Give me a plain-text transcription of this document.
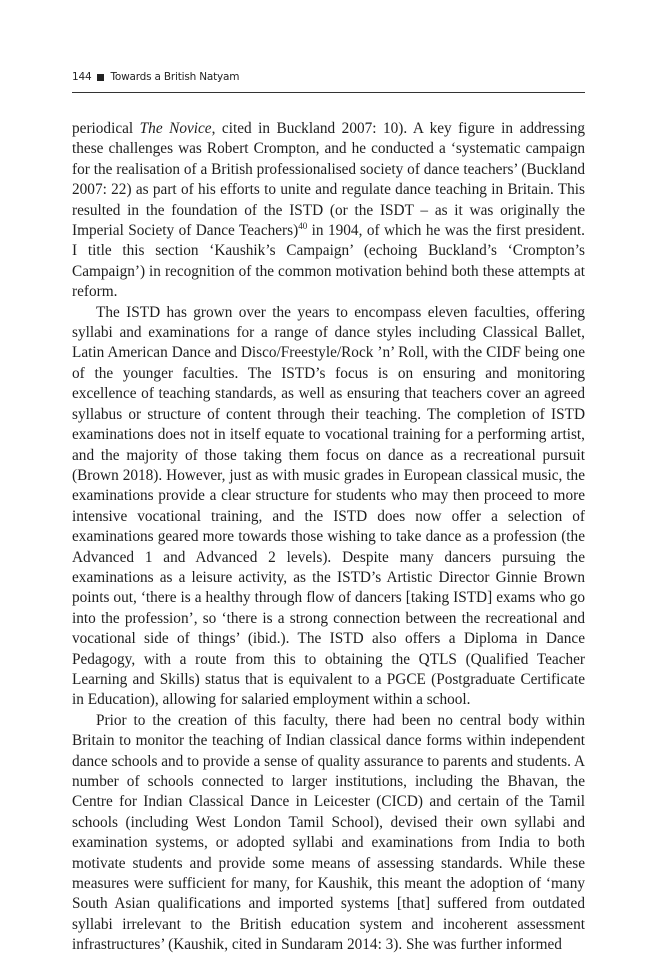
144 Towards a British Natyam

periodical The Novice, cited in Buckland 2007: 10). A key figure in addressing these challenges was Robert Crompton, and he conducted a ‘systematic campaign for the realisation of a British professionalised society of dance teachers’ (Buckland 2007: 22) as part of his efforts to unite and regulate dance teaching in Britain. This resulted in the foundation of the ISTD (or the ISDT – as it was originally the Imperial Society of Dance Teachers)$^{40}$ in 1904, of which he was the first president. I title this section ‘Kaushik’s Campaign’ (echoing Buckland’s ‘Crompton’s Campaign’) in recognition of the common motivation behind both these attempts at reform.

The ISTD has grown over the years to encompass eleven faculties, offering syllabi and examinations for a range of dance styles including Classical Ballet, Latin American Dance and Disco/Freestyle/Rock ’n’ Roll, with the CIDF being one of the younger faculties. The ISTD’s focus is on ensuring and monitoring excellence of teaching standards, as well as ensuring that teachers cover an agreed syllabus or structure of content through their teaching. The completion of ISTD examinations does not in itself equate to vocational training for a performing artist, and the majority of those taking them focus on dance as a recreational pursuit (Brown 2018). However, just as with music grades in European classical music, the examinations provide a clear structure for students who may then proceed to more intensive vocational training, and the ISTD does now offer a selection of examinations geared more towards those wishing to take dance as a profession (the Advanced 1 and Advanced 2 levels). Despite many dancers pursuing the examinations as a leisure activity, as the ISTD’s Artistic Director Ginnie Brown points out, ‘there is a healthy through flow of dancers [taking ISTD] exams who go into the profession’, so ‘there is a strong connection between the recreational and vocational side of things’ (ibid.). The ISTD also offers a Diploma in Dance Pedagogy, with a route from this to obtaining the QTLS (Qualified Teacher Learning and Skills) status that is equivalent to a PGCE (Postgraduate Certificate in Education), allowing for salaried employment within a school.

Prior to the creation of this faculty, there had been no central body within Britain to monitor the teaching of Indian classical dance forms within independent dance schools and to provide a sense of quality assurance to parents and students. A number of schools connected to larger institutions, including the Bhavan, the Centre for Indian Classical Dance in Leicester (CICD) and certain of the Tamil schools (including West London Tamil School), devised their own syllabi and examination systems, or adopted syllabi and examinations from India to both motivate students and provide some means of assessing standards. While these measures were sufficient for many, for Kaushik, this meant the adoption of ‘many South Asian qualifications and imported systems [that] suffered from outdated syllabi irrelevant to the British education system and incoherent assessment infrastructures’ (Kaushik, cited in Sundaram 2014: 3). She was further informed
